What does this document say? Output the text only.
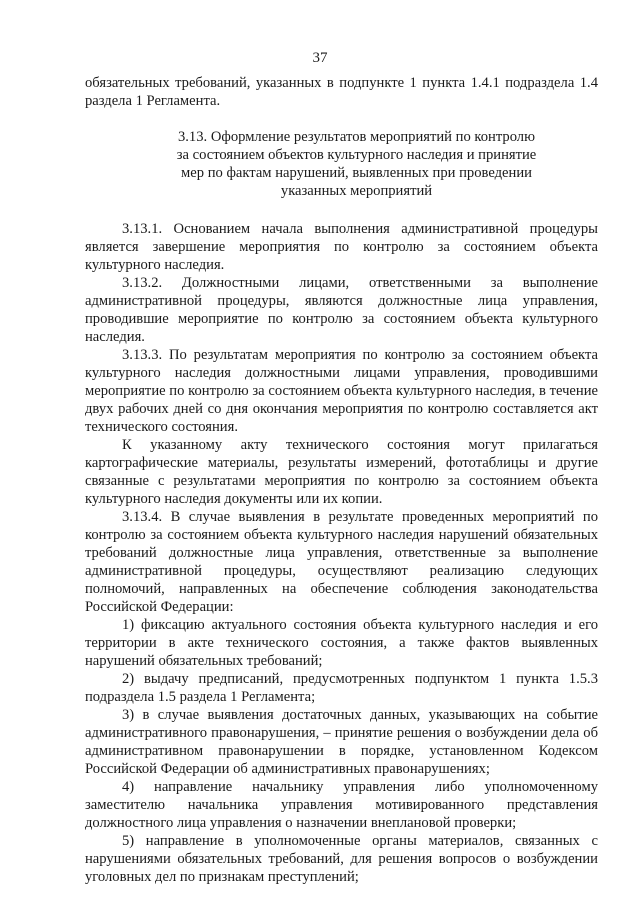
37

обязательных требований, указанных в подпункте 1 пункта 1.4.1 подраздела 1.4 раздела 1 Регламента.

3.13. Оформление результатов мероприятий по контролю
за состоянием объектов культурного наследия и принятие
мер по фактам нарушений, выявленных при проведении
указанных мероприятий

3.13.1. Основанием начала выполнения административной процедуры является завершение мероприятия по контролю за состоянием объекта культурного наследия.

3.13.2. Должностными лицами, ответственными за выполнение административной процедуры, являются должностные лица управления, проводившие мероприятие по контролю за состоянием объекта культурного наследия.

3.13.3. По результатам мероприятия по контролю за состоянием объекта культурного наследия должностными лицами управления, проводившими мероприятие по контролю за состоянием объекта культурного наследия, в течение двух рабочих дней со дня окончания мероприятия по контролю составляется акт технического состояния.

К указанному акту технического состояния могут прилагаться картографические материалы, результаты измерений, фототаблицы и другие связанные с результатами мероприятия по контролю за состоянием объекта культурного наследия документы или их копии.

3.13.4. В случае выявления в результате проведенных мероприятий по контролю за состоянием объекта культурного наследия нарушений обязательных требований должностные лица управления, ответственные за выполнение административной процедуры, осуществляют реализацию следующих полномочий, направленных на обеспечение соблюдения законодательства Российской Федерации:

1) фиксацию актуального состояния объекта культурного наследия и его территории в акте технического состояния, а также фактов выявленных нарушений обязательных требований;

2) выдачу предписаний, предусмотренных подпунктом 1 пункта 1.5.3 подраздела 1.5 раздела 1 Регламента;

3) в случае выявления достаточных данных, указывающих на событие административного правонарушения, – принятие решения о возбуждении дела об административном правонарушении в порядке, установленном Кодексом Российской Федерации об административных правонарушениях;

4) направление начальнику управления либо уполномоченному заместителю начальника управления мотивированного представления должностного лица управления о назначении внеплановой проверки;

5) направление в уполномоченные органы материалов, связанных с нарушениями обязательных требований, для решения вопросов о возбуждении уголовных дел по признакам преступлений;
